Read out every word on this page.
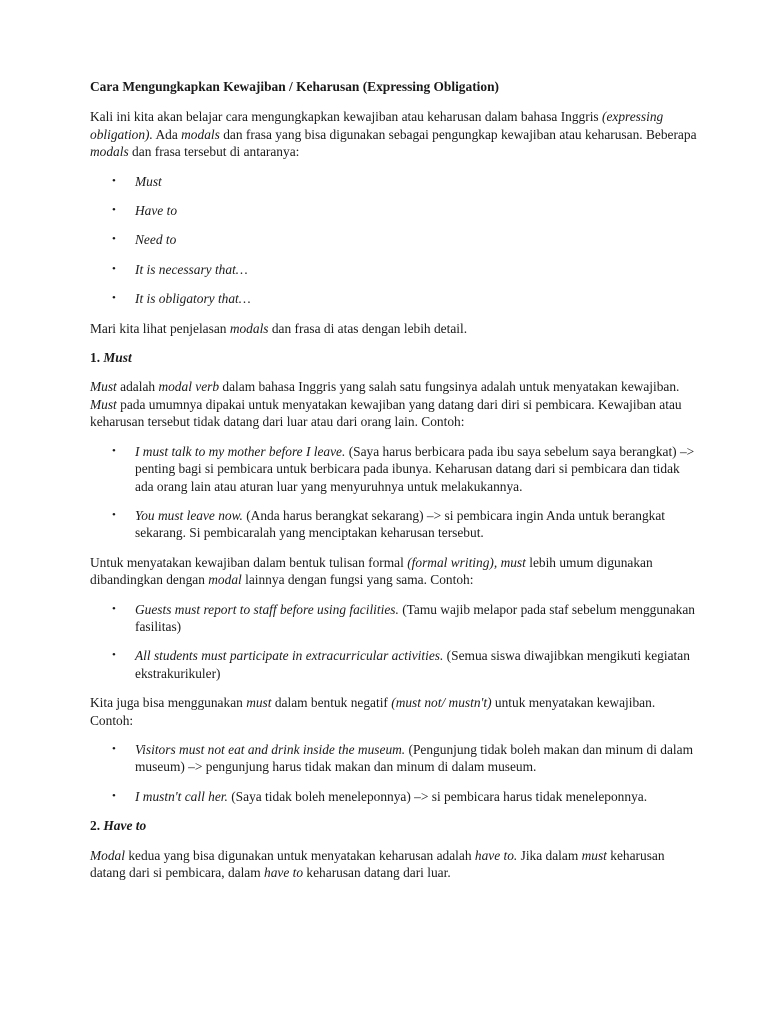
Cara Mengungkapkan Kewajiban / Keharusan (Expressing Obligation)

Kali ini kita akan belajar cara mengungkapkan kewajiban atau keharusan dalam bahasa Inggris (expressing obligation). Ada modals dan frasa yang bisa digunakan sebagai pengungkap kewajiban atau keharusan. Beberapa modals dan frasa tersebut di antaranya:

• Must
• Have to
• Need to
• It is necessary that…
• It is obligatory that…

Mari kita lihat penjelasan modals dan frasa di atas dengan lebih detail.

1. Must

Must adalah modal verb dalam bahasa Inggris yang salah satu fungsinya adalah untuk menyatakan kewajiban. Must pada umumnya dipakai untuk menyatakan kewajiban yang datang dari diri si pembicara. Kewajiban atau keharusan tersebut tidak datang dari luar atau dari orang lain. Contoh:

• I must talk to my mother before I leave. (Saya harus berbicara pada ibu saya sebelum saya berangkat) –> penting bagi si pembicara untuk berbicara pada ibunya. Keharusan datang dari si pembicara dan tidak ada orang lain atau aturan luar yang menyuruhnya untuk melakukannya.
• You must leave now. (Anda harus berangkat sekarang) –> si pembicara ingin Anda untuk berangkat sekarang. Si pembicaralah yang menciptakan keharusan tersebut.

Untuk menyatakan kewajiban dalam bentuk tulisan formal (formal writing), must lebih umum digunakan dibandingkan dengan modal lainnya dengan fungsi yang sama. Contoh:

• Guests must report to staff before using facilities. (Tamu wajib melapor pada staf sebelum menggunakan fasilitas)
• All students must participate in extracurricular activities. (Semua siswa diwajibkan mengikuti kegiatan ekstrakurikuler)

Kita juga bisa menggunakan must dalam bentuk negatif (must not/ mustn't) untuk menyatakan kewajiban. Contoh:

• Visitors must not eat and drink inside the museum. (Pengunjung tidak boleh makan dan minum di dalam museum) –> pengunjung harus tidak makan dan minum di dalam museum.
• I mustn't call her. (Saya tidak boleh meneleponnya) –> si pembicara harus tidak meneleponnya.
2. Have to

Modal kedua yang bisa digunakan untuk menyatakan keharusan adalah have to. Jika dalam must keharusan datang dari si pembicara, dalam have to keharusan datang dari luar.
